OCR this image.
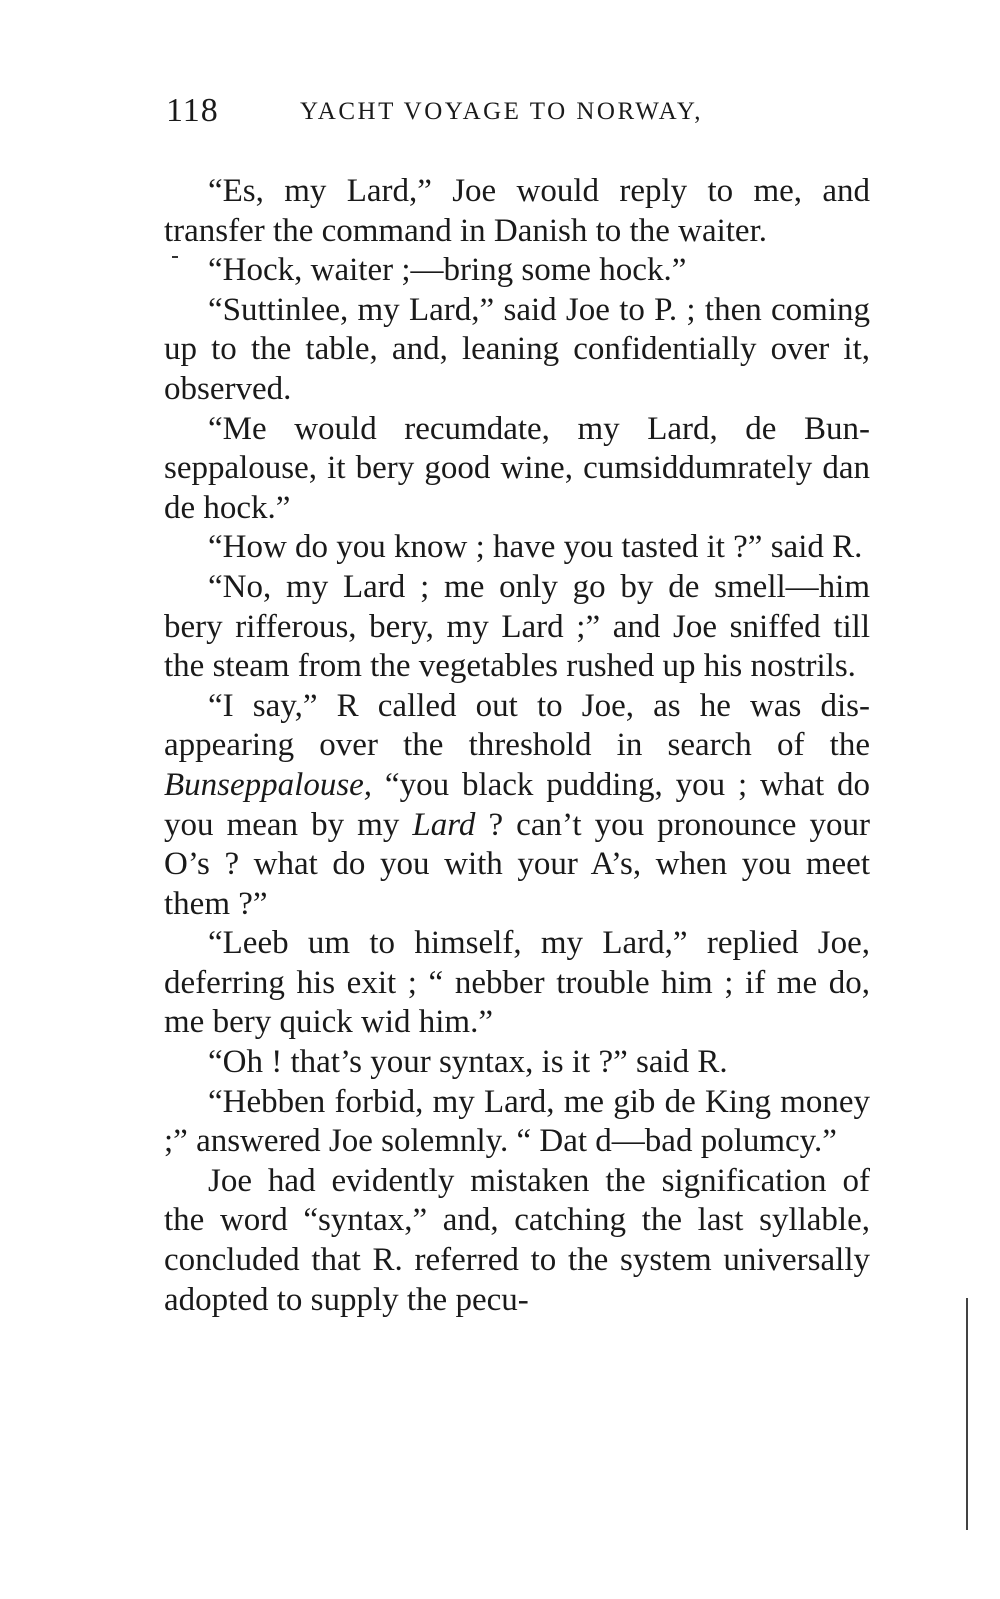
118	YACHT VOYAGE TO NORWAY,

“Es, my Lard,” Joe would reply to me, and transfer the command in Danish to the waiter.

“Hock, waiter ;—bring some hock.”

“Suttinlee, my Lard,” said Joe to P. ; then coming up to the table, and, leaning confidentially over it, observed.

“Me would recumdate, my Lard, de Bunseppalouse, it bery good wine, cumsiddumrately dan de hock.”

“How do you know ; have you tasted it ?” said R.

“No, my Lard ; me only go by de smell—him bery rifferous, bery, my Lard ;” and Joe sniffed till the steam from the vegetables rushed up his nostrils.

“I say,” R called out to Joe, as he was disappearing over the threshold in search of the Bunseppalouse, “you black pudding, you ; what do you mean by my Lard ? can’t you pronounce your O’s ? what do you with your A’s, when you meet them ?”

“Leeb um to himself, my Lard,” replied Joe, deferring his exit ; “ nebber trouble him ; if me do, me bery quick wid him.”

“Oh ! that’s your syntax, is it ?” said R.

“Hebben forbid, my Lard, me gib de King money ;” answered Joe solemnly. “ Dat d—bad polumcy.”

Joe had evidently mistaken the signification of the word “syntax,” and, catching the last syllable, concluded that R. referred to the system universally adopted to supply the pecu-
